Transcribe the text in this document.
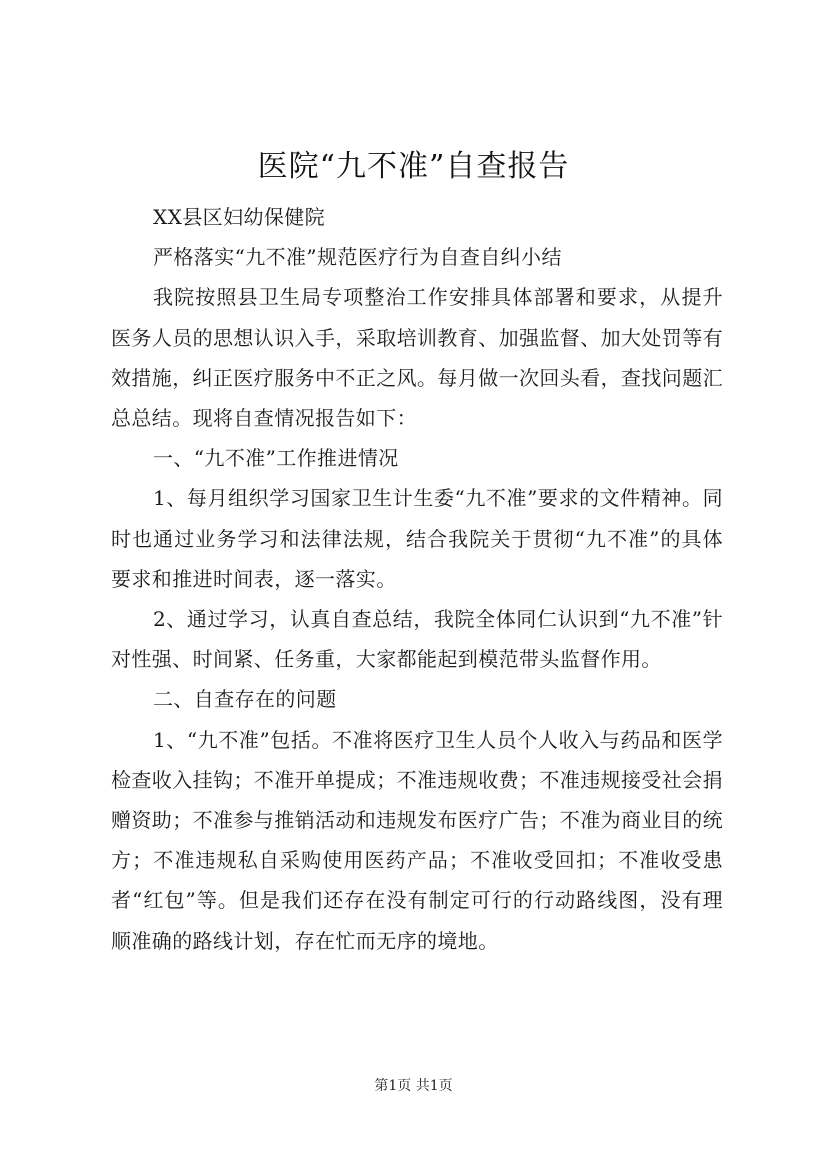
医院“九不准”自查报告

XX县区妇幼保健院

严格落实“九不准”规范医疗行为自查自纠小结

我院按照县卫生局专项整治工作安排具体部署和要求，从提升医务人员的思想认识入手，采取培训教育、加强监督、加大处罚等有效措施，纠正医疗服务中不正之风。每月做一次回头看，查找问题汇总总结。现将自查情况报告如下：

一、“九不准”工作推进情况

1、每月组织学习国家卫生计生委“九不准”要求的文件精神。同时也通过业务学习和法律法规，结合我院关于贯彻“九不准”的具体要求和推进时间表，逐一落实。

2、通过学习，认真自查总结，我院全体同仁认识到“九不准”针对性强、时间紧、任务重，大家都能起到模范带头监督作用。

二、自查存在的问题

1、“九不准”包括。不准将医疗卫生人员个人收入与药品和医学检查收入挂钩；不准开单提成；不准违规收费；不准违规接受社会捐赠资助；不准参与推销活动和违规发布医疗广告；不准为商业目的统方；不准违规私自采购使用医药产品；不准收受回扣；不准收受患者“红包”等。但是我们还存在没有制定可行的行动路线图，没有理顺准确的路线计划，存在忙而无序的境地。

第1页 共1页
